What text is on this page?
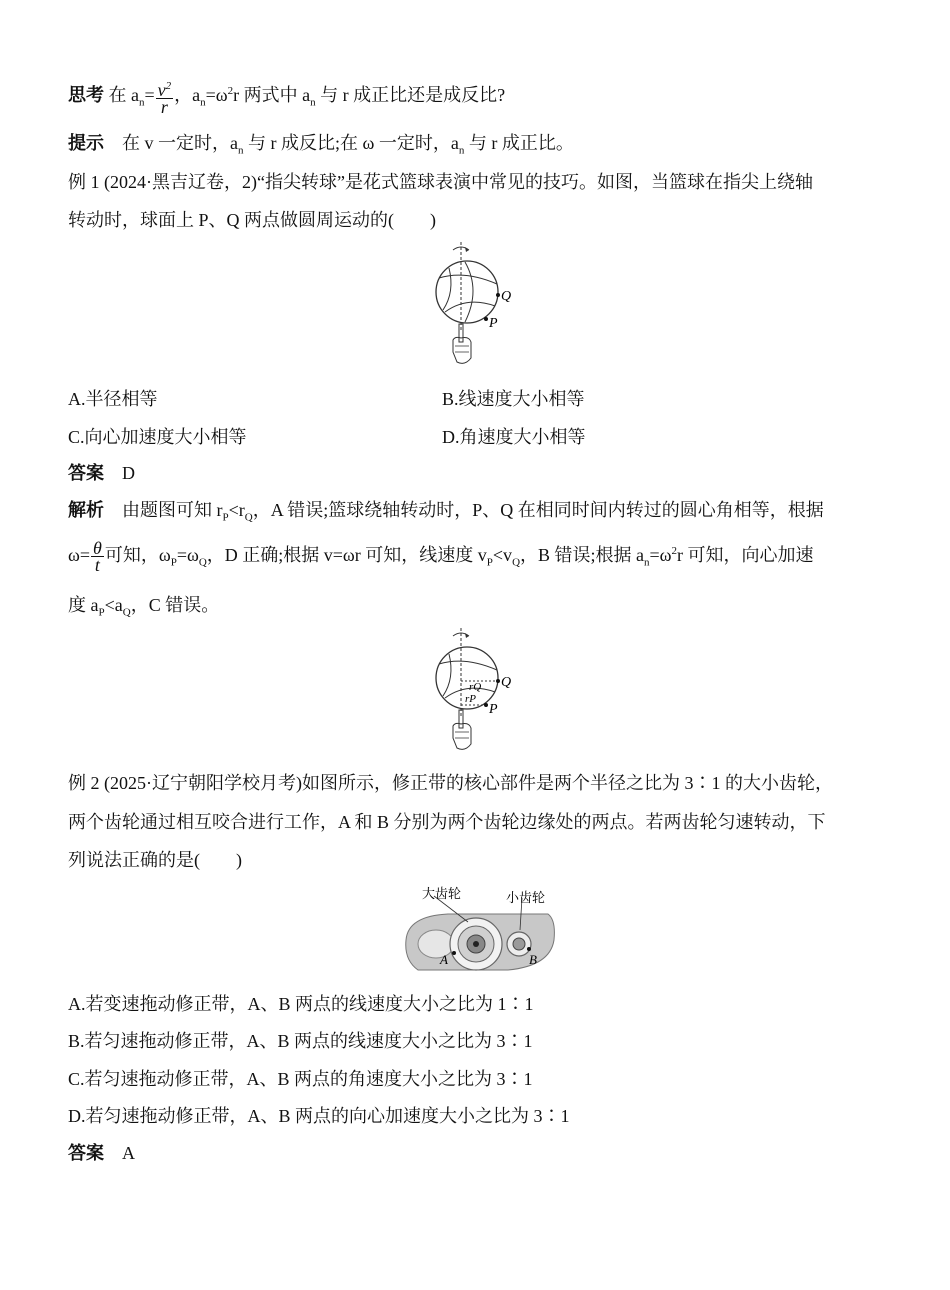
思考 在 $a_n= \frac{v^2}{r}$ ，$a_n=\omega^2r$ 两式中 $a_n$ 与 r 成正比还是成反比?
提示 在 v 一定时，$a_n$ 与 r 成反比;在 ω 一定时，$a_n$ 与 r 成正比。
例 1 (2024·黑吉辽卷，2)“指尖转球”是花式篮球表演中常见的技巧。如图，当篮球在指尖上绕轴
转动时，球面上 P、Q 两点做圆周运动的(　　)
Q
P
A.半径相等	B.线速度大小相等
C.向心加速度大小相等	D.角速度大小相等
答案 D
解析 由题图可知 $r_P<r_Q$，A 错误;篮球绕轴转动时，P、Q 在相同时间内转过的圆心角相等，根据
$\omega= \frac{\theta}{t}$ 可知，$\omega_P=\omega_Q$，D 正确;根据 v=ωr 可知，线速度 $v_P<v_Q$，B 错误;根据 $a_n=\omega^2r$ 可知，向心加速
度 $a_P<a_Q$，C 错误。
rQ
rP
Q
P
例 2 (2025·辽宁朝阳学校月考)如图所示，修正带的核心部件是两个半径之比为 3∶1 的大小齿轮，
两个齿轮通过相互咬合进行工作，A 和 B 分别为两个齿轮边缘处的两点。若两齿轮匀速转动，下
列说法正确的是(　　)
大齿轮	小齿轮
A	B
A.若变速拖动修正带，A、B 两点的线速度大小之比为 1∶1
B.若匀速拖动修正带，A、B 两点的线速度大小之比为 3∶1
C.若匀速拖动修正带，A、B 两点的角速度大小之比为 3∶1
D.若匀速拖动修正带，A、B 两点的向心加速度大小之比为 3∶1
答案 A
